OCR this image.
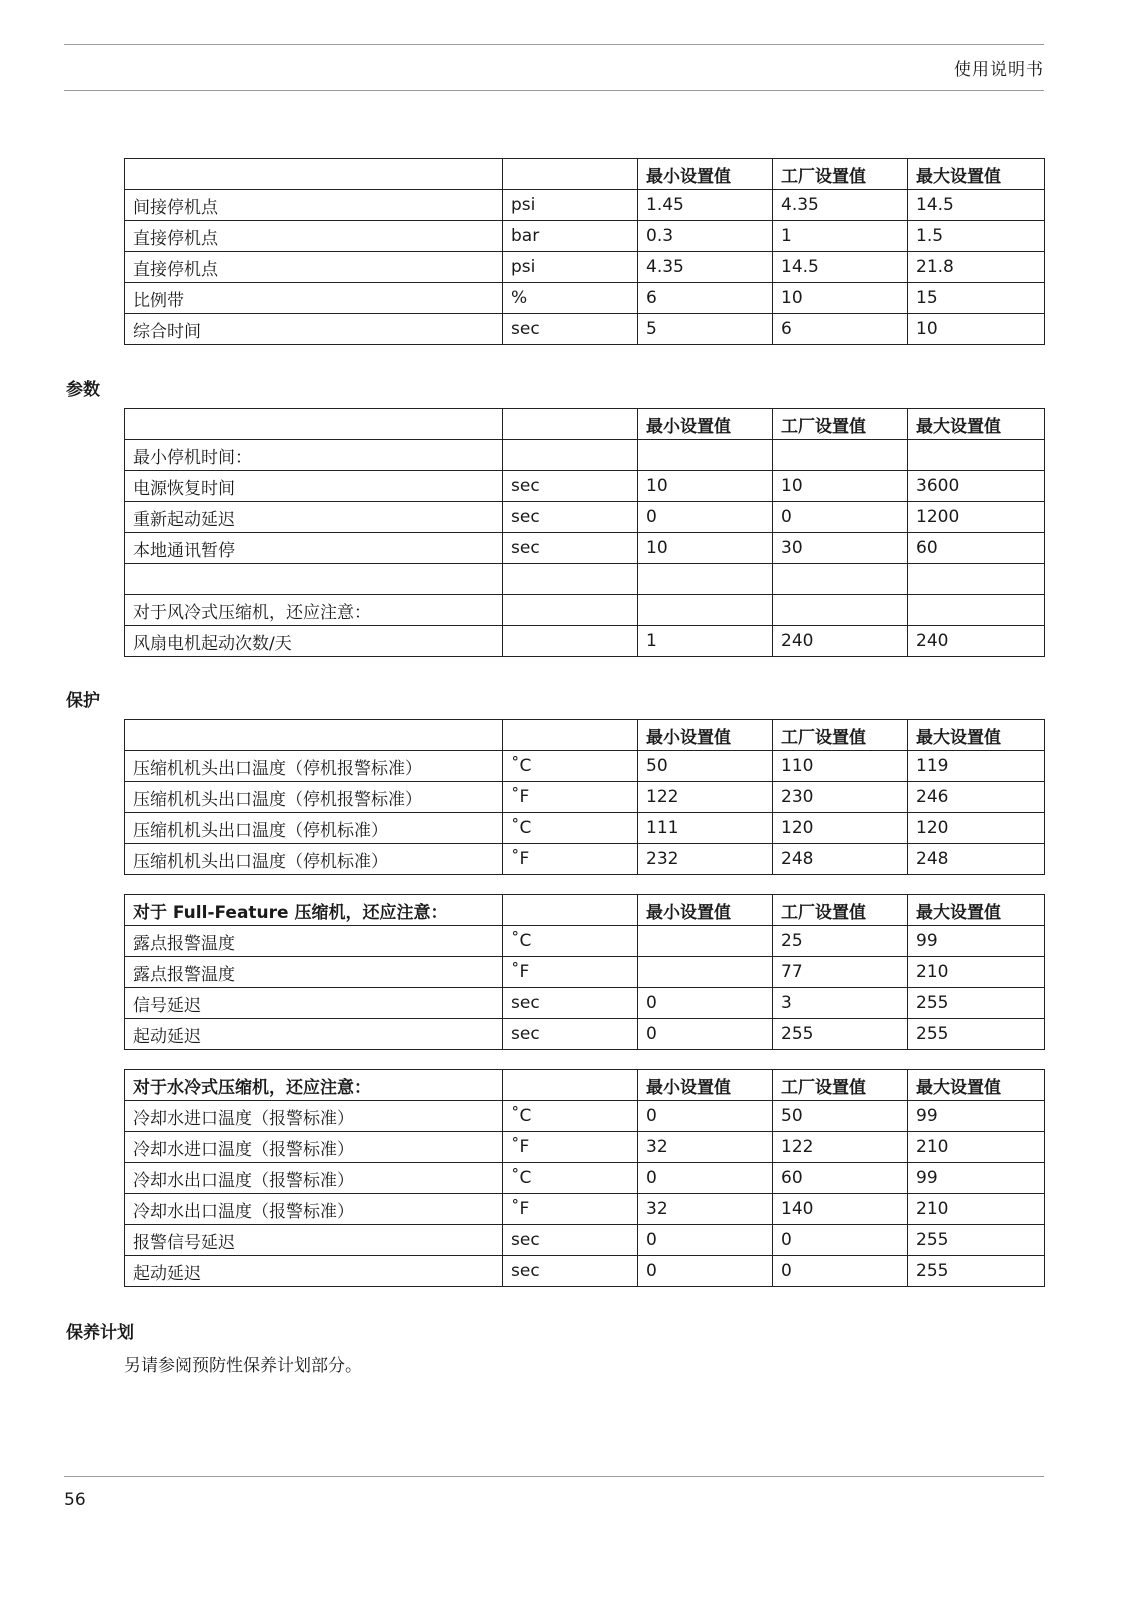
使用说明书
		最小设置值	工厂设置值	最大设置值
间接停机点	psi	1.45	4.35	14.5
直接停机点	bar	0.3	1	1.5
直接停机点	psi	4.35	14.5	21.8
比例带	%	6	10	15
综合时间	sec	5	6	10
参数
		最小设置值	工厂设置值	最大设置值
最小停机时间：				
电源恢复时间	sec	10	10	3600
重新起动延迟	sec	0	0	1200
本地通讯暂停	sec	10	30	60

对于风冷式压缩机，还应注意：				
风扇电机起动次数/天		1	240	240
保护
		最小设置值	工厂设置值	最大设置值
压缩机机头出口温度（停机报警标准）	˚C	50	110	119
压缩机机头出口温度（停机报警标准）	˚F	122	230	246
压缩机机头出口温度（停机标准）	˚C	111	120	120
压缩机机头出口温度（停机标准）	˚F	232	248	248
对于 Full-Feature 压缩机，还应注意：		最小设置值	工厂设置值	最大设置值
露点报警温度	˚C		25	99
露点报警温度	˚F		77	210
信号延迟	sec	0	3	255
起动延迟	sec	0	255	255
对于水冷式压缩机，还应注意：		最小设置值	工厂设置值	最大设置值
冷却水进口温度（报警标准）	˚C	0	50	99
冷却水进口温度（报警标准）	˚F	32	122	210
冷却水出口温度（报警标准）	˚C	0	60	99
冷却水出口温度（报警标准）	˚F	32	140	210
报警信号延迟	sec	0	0	255
起动延迟	sec	0	0	255
保养计划
另请参阅预防性保养计划部分。
56
